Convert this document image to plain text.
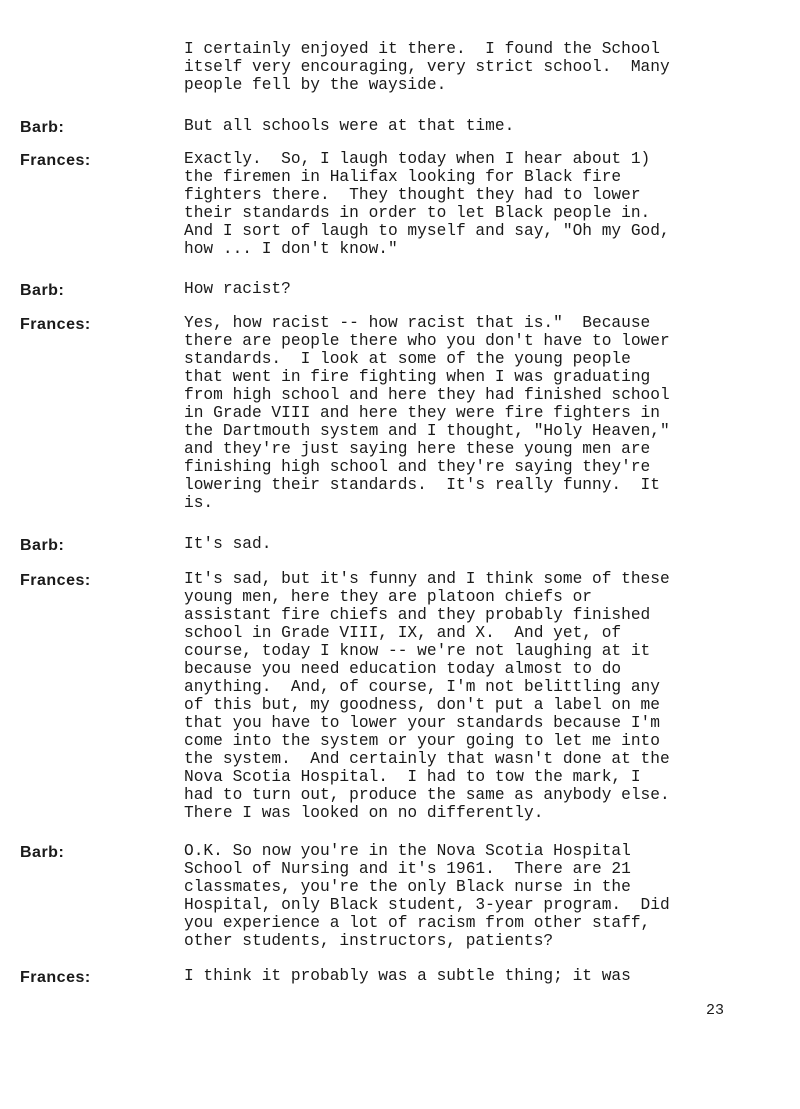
I certainly enjoyed it there.  I found the School
itself very encouraging, very strict school.  Many
people fell by the wayside.
Barb:	But all schools were at that time.
Frances:	Exactly.  So, I laugh today when I hear about 1)
the firemen in Halifax looking for Black fire
fighters there.  They thought they had to lower
their standards in order to let Black people in.
And I sort of laugh to myself and say, "Oh my God,
how ... I don't know."
Barb:	How racist?
Frances:	Yes, how racist -- how racist that is."  Because
there are people there who you don't have to lower
standards.  I look at some of the young people
that went in fire fighting when I was graduating
from high school and here they had finished school
in Grade VIII and here they were fire fighters in
the Dartmouth system and I thought, "Holy Heaven,"
and they're just saying here these young men are
finishing high school and they're saying they're
lowering their standards.  It's really funny.  It
is.
Barb:	It's sad.
Frances:	It's sad, but it's funny and I think some of these
young men, here they are platoon chiefs or
assistant fire chiefs and they probably finished
school in Grade VIII, IX, and X.  And yet, of
course, today I know -- we're not laughing at it
because you need education today almost to do
anything.  And, of course, I'm not belittling any
of this but, my goodness, don't put a label on me
that you have to lower your standards because I'm
come into the system or your going to let me into
the system.  And certainly that wasn't done at the
Nova Scotia Hospital.  I had to tow the mark, I
had to turn out, produce the same as anybody else.
There I was looked on no differently.
Barb:	O.K. So now you're in the Nova Scotia Hospital
School of Nursing and it's 1961.  There are 21
classmates, you're the only Black nurse in the
Hospital, only Black student, 3-year program.  Did
you experience a lot of racism from other staff,
other students, instructors, patients?
Frances:	I think it probably was a subtle thing; it was
23
